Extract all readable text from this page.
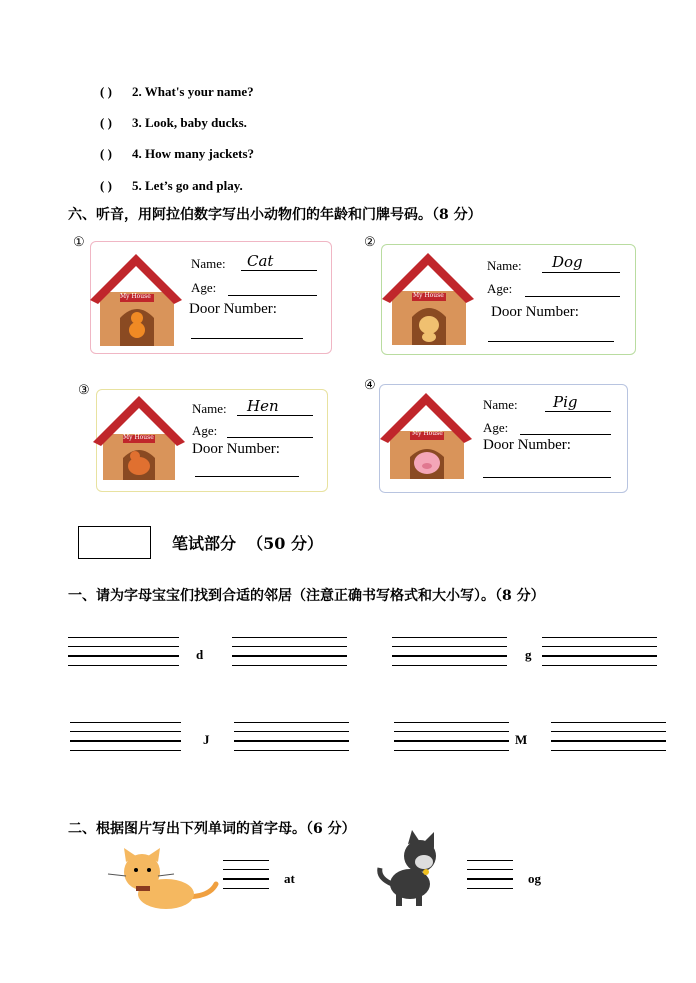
( ) 2. What's your name?
( ) 3. Look, baby ducks.
( ) 4. How many jackets?
( ) 5. Let’s go and play.
六、听音，用阿拉伯数字写出小动物们的年龄和门牌号码。（8 分）
①
My House
Name: Cat
Age:
Door Number:
②
My House
Name: Dog
Age:
Door Number:
③
My House
Name: Hen
Age:
Door Number:
④
My House
Name: Pig
Age:
Door Number:
笔试部分 （50 分）
一、请为字母宝宝们找到合适的邻居（注意正确书写格式和大小写）。（8 分）
d	g
J	M
二、根据图片写出下列单词的首字母。（6 分）
at	og
